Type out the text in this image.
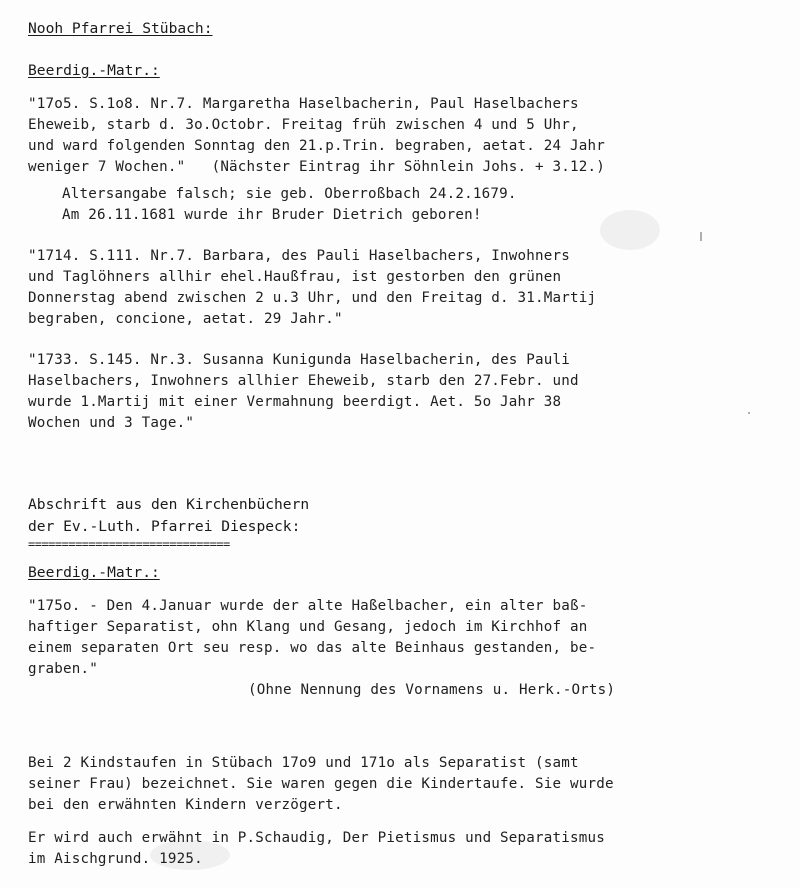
Nooh Pfarrei Stübach:
Beerdig.-Matr.:
"17o5. S.1o8. Nr.7. Margaretha Haselbacherin, Paul Haselbachers
Eheweib, starb d. 3o.Octobr. Freitag früh zwischen 4 und 5 Uhr,
und ward folgenden Sonntag den 21.p.Trin. begraben, aetat. 24 Jahr
weniger 7 Wochen."   (Nächster Eintrag ihr Söhnlein Johs. + 3.12.)
Altersangabe falsch; sie geb. Oberroßbach 24.2.1679.
Am 26.11.1681 wurde ihr Bruder Dietrich geboren!
"1714. S.111. Nr.7. Barbara, des Pauli Haselbachers, Inwohners
und Taglöhners allhir ehel.Haußfrau, ist gestorben den grünen
Donnerstag abend zwischen 2 u.3 Uhr, und den Freitag d. 31.Martij
begraben, concione, aetat. 29 Jahr."
"1733. S.145. Nr.3. Susanna Kunigunda Haselbacherin, des Pauli
Haselbachers, Inwohners allhier Eheweib, starb den 27.Febr. und
wurde 1.Martij mit einer Vermahnung beerdigt. Aet. 5o Jahr 38
Wochen und 3 Tage."
Abschrift aus den Kirchenbüchern
der Ev.-Luth. Pfarrei Diespeck:
==============================
Beerdig.-Matr.:
"175o. - Den 4.Januar wurde der alte Haßelbacher, ein alter baß-
haftiger Separatist, ohn Klang und Gesang, jedoch im Kirchhof an
einem separaten Ort seu resp. wo das alte Beinhaus gestanden, be-
graben."
(Ohne Nennung des Vornamens u. Herk.-Orts)
Bei 2 Kindstaufen in Stübach 17o9 und 171o als Separatist (samt
seiner Frau) bezeichnet. Sie waren gegen die Kindertaufe. Sie wurde
bei den erwähnten Kindern verzögert.
Er wird auch erwähnt in P.Schaudig, Der Pietismus und Separatismus
im Aischgrund. 1925.
